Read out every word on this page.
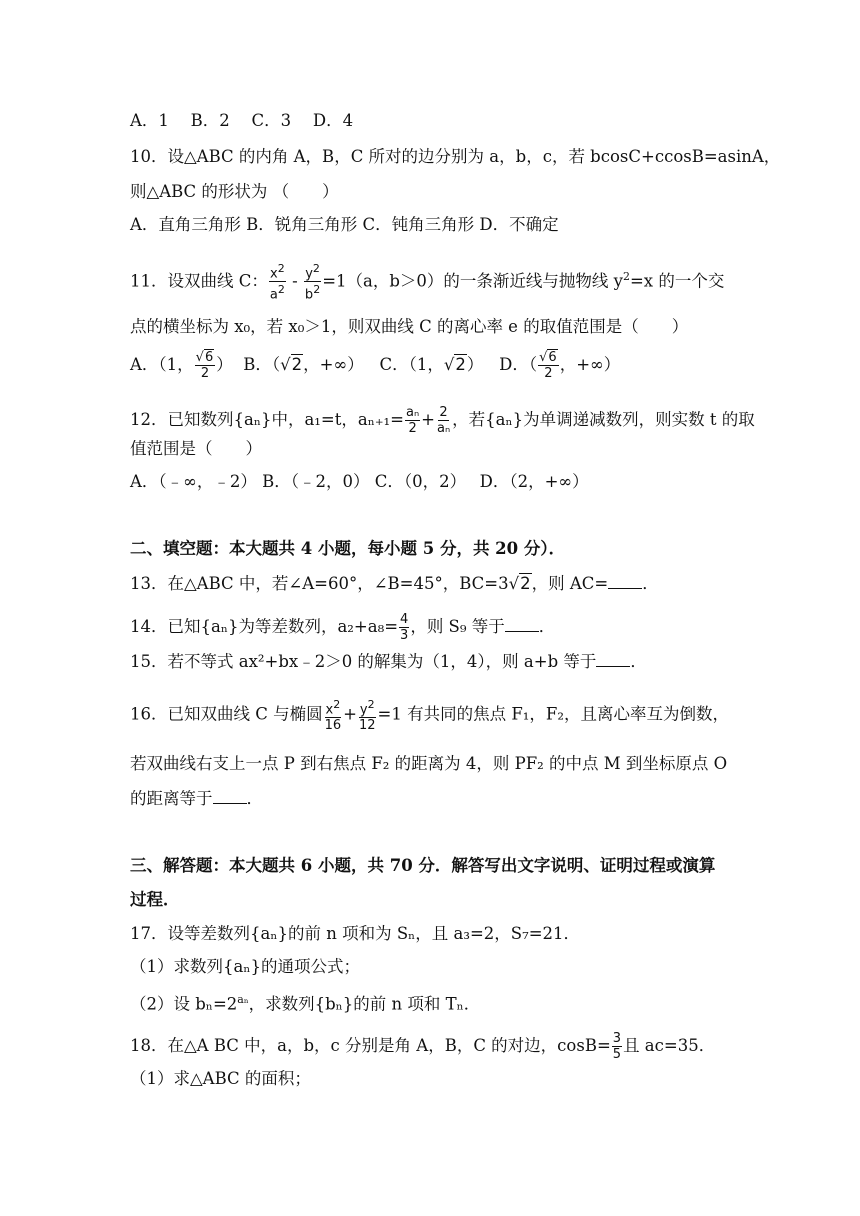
A．1　 B．2　 C．3　 D．4
10．设△ABC 的内角 A，B，C 所对的边分别为 a，b，c，若 bcosC+ccosB=asinA，
则△ABC 的形状为 （　　）
A．直角三角形 B．锐角三角形 C．钝角三角形 D．不确定
11．设双曲线 C： $\frac{x^2}{a^2} - \frac{y^2}{b^2} =1(a$，b＞0）的一条渐近线与抛物线 $y^2=x$ 的一个交
点的横坐标为 x₀，若 x₀＞1，则双曲线 C 的离心率 e 的取值范围是（　　）
A．（1， $\frac{√6}{2}$ ） B．（√2，+∞） C．（1，√2） D．（ $\frac{√6}{2}$ ，+∞）
12．已知数列{aₙ}中，a₁=t，$a_{n+1}= \frac{\text{aₙ}}{2} + \frac{2}{\text{aₙ}}$ ，若{aₙ}为单调递减数列，则实数 t 的取
值范围是（　　）
A．（﹣∞，﹣2） B．（﹣2，0） C．（0，2）　 D．（2，+∞）
二、填空题：本大题共 4 小题，每小题 5 分，共 20 分）．
13．在△ABC 中，若∠A=60°，∠B=45°，BC=3√2，则 AC= ．
14．已知{aₙ}为等差数列，$a_2+a_8= \frac{4}{3}$ ，则 S₉ 等于 ．
15．若不等式 ax²+bx﹣2＞0 的解集为（1，4），则 a+b 等于 ．
16．已知双曲线 C 与椭圆 $\frac{x^2}{16} + \frac{y^2}{12} =1$ 有共同的焦点 F₁，F₂，且离心率互为倒数，
若双曲线右支上一点 P 到右焦点 F₂ 的距离为 4，则 PF₂ 的中点 M 到坐标原点 O
的距离等于 ．
三、解答题：本大题共 6 小题，共 70 分．解答写出文字说明、证明过程或演算
过程．
17．设等差数列{aₙ}的前 n 项和为 Sₙ，且 a₃=2，S₇=21．
（1）求数列{aₙ}的通项公式；
（2）设 $b_n=2^{a_n}$，求数列{bₙ}的前 n 项和 Tₙ．
18．在△A BC 中，a，b，c 分别是角 A，B，C 的对边，$\cos B= \frac{3}{5}$ 且 ac=35．
（1）求△ABC 的面积；
